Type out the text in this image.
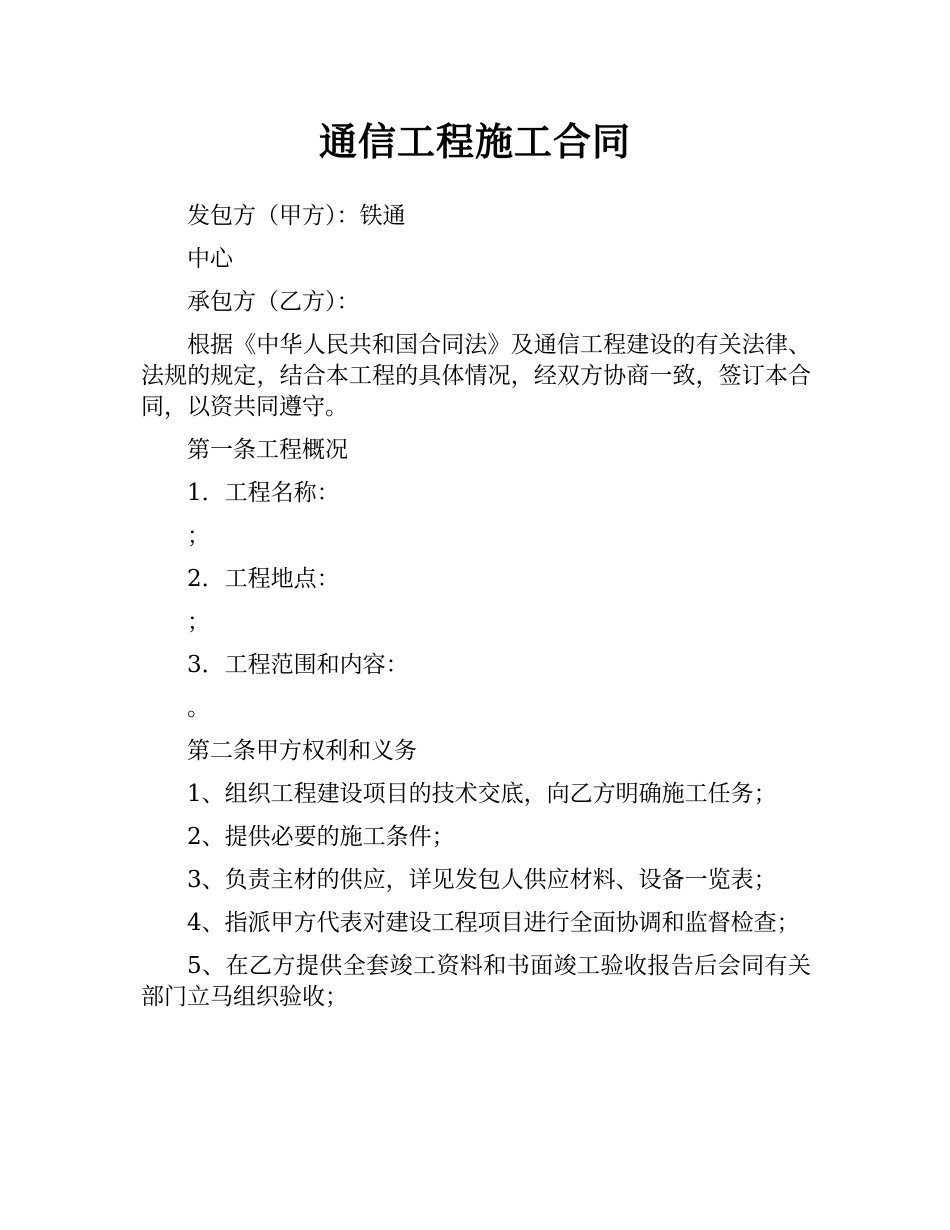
通信工程施工合同

发包方（甲方）：铁通

中心

承包方（乙方）：

根据《中华人民共和国合同法》及通信工程建设的有关法律、法规的规定，结合本工程的具体情况，经双方协商一致，签订本合同，以资共同遵守。

第一条工程概况

1．工程名称：

；

2．工程地点：

；

3．工程范围和内容：

。

第二条甲方权利和义务

1、组织工程建设项目的技术交底，向乙方明确施工任务；

2、提供必要的施工条件；

3、负责主材的供应，详见发包人供应材料、设备一览表；

4、指派甲方代表对建设工程项目进行全面协调和监督检查；

5、在乙方提供全套竣工资料和书面竣工验收报告后会同有关部门立马组织验收；
